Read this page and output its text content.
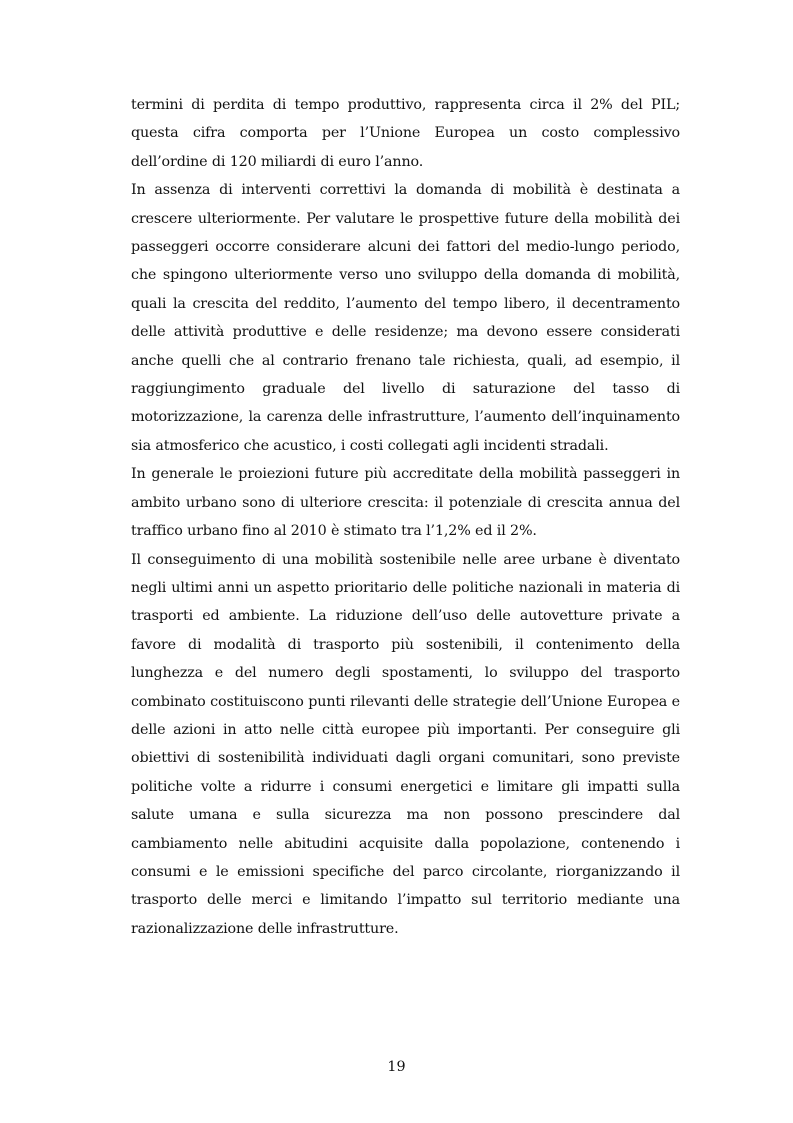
termini di perdita di tempo produttivo, rappresenta circa il 2% del PIL; questa cifra comporta per l’Unione Europea un costo complessivo dell’ordine di 120 miliardi di euro l’anno.

In assenza di interventi correttivi la domanda di mobilità è destinata a crescere ulteriormente. Per valutare le prospettive future della mobilità dei passeggeri occorre considerare alcuni dei fattori del medio-lungo periodo, che spingono ulteriormente verso uno sviluppo della domanda di mobilità, quali la crescita del reddito, l’aumento del tempo libero, il decentramento delle attività produttive e delle residenze; ma devono essere considerati anche quelli che al contrario frenano tale richiesta, quali, ad esempio, il raggiungimento graduale del livello di saturazione del tasso di motorizzazione, la carenza delle infrastrutture, l’aumento dell’inquinamento sia atmosferico che acustico, i costi collegati agli incidenti stradali.

In generale le proiezioni future più accreditate della mobilità passeggeri in ambito urbano sono di ulteriore crescita: il potenziale di crescita annua del traffico urbano fino al 2010 è stimato tra l’1,2% ed il 2%.

Il conseguimento di una mobilità sostenibile nelle aree urbane è diventato negli ultimi anni un aspetto prioritario delle politiche nazionali in materia di trasporti ed ambiente. La riduzione dell’uso delle autovetture private a favore di modalità di trasporto più sostenibili, il contenimento della lunghezza e del numero degli spostamenti, lo sviluppo del trasporto combinato costituiscono punti rilevanti delle strategie dell’Unione Europea e delle azioni in atto nelle città europee più importanti. Per conseguire gli obiettivi di sostenibilità individuati dagli organi comunitari, sono previste politiche volte a ridurre i consumi energetici e limitare gli impatti sulla salute umana e sulla sicurezza ma non possono prescindere dal cambiamento nelle abitudini acquisite dalla popolazione, contenendo i consumi e le emissioni specifiche del parco circolante, riorganizzando il trasporto delle merci e limitando l’impatto sul territorio mediante una razionalizzazione delle infrastrutture.

19
